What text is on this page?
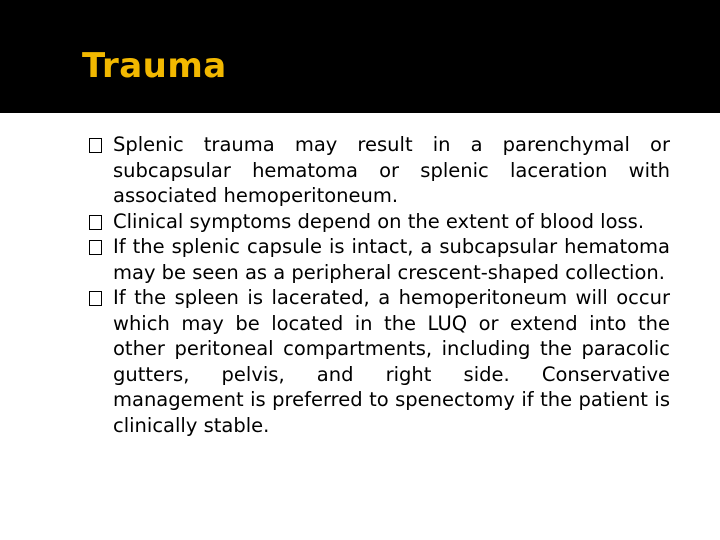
Trauma
Splenic trauma may result in a parenchymal or subcapsular hematoma or splenic laceration with associated hemoperitoneum.
Clinical symptoms depend on the extent of blood loss.
If the splenic capsule is intact, a subcapsular hematoma may be seen as a peripheral crescent-shaped collection.
If the spleen is lacerated, a hemoperitoneum will occur which may be located in the LUQ or extend into the other peritoneal compartments, including the paracolic gutters, pelvis, and right side. Conservative management is preferred to spenectomy if the patient is clinically stable.
